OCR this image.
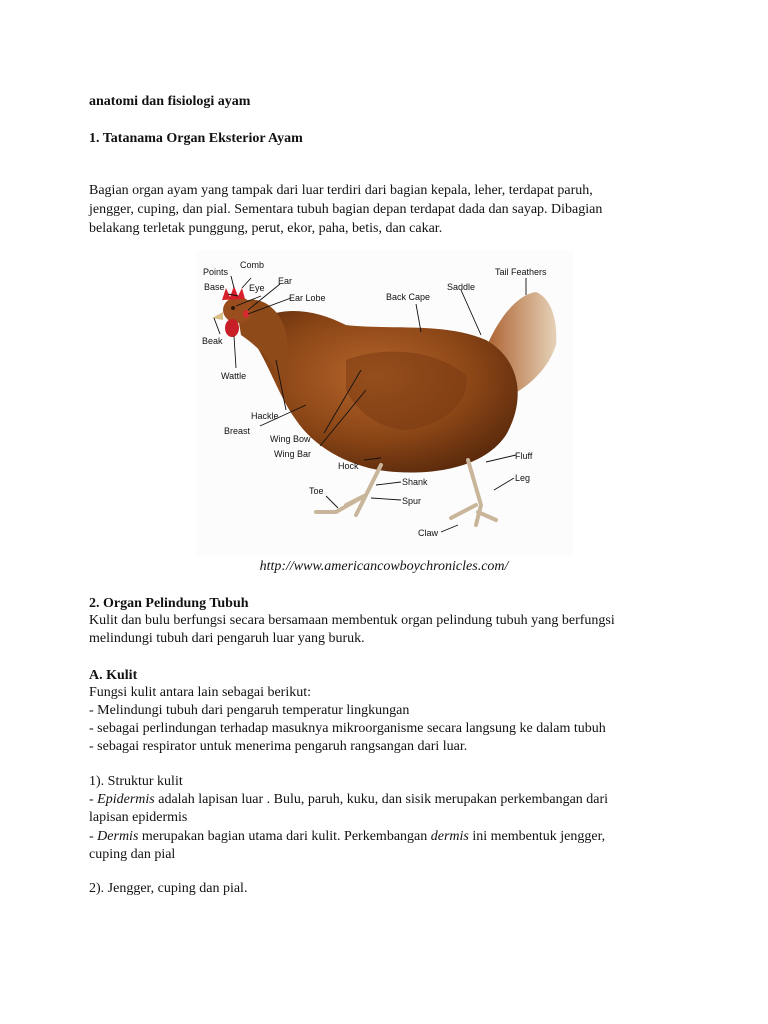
anatomi dan fisiologi ayam
1. Tatanama Organ Eksterior Ayam
Bagian organ ayam yang tampak dari luar terdiri dari bagian kepala, leher, terdapat paruh,
jengger, cuping, dan pial. Sementara tubuh bagian depan terdapat dada dan sayap. Dibagian
belakang terletak punggung, perut, ekor, paha, betis, dan cakar.
Comb
Points
Ear
Base	Eye
Ear Lobe	Back Cape
Saddle
Tail Feathers
Beak
Wattle
Hackle
Breast
Wing Bow
Wing Bar
Hock
Fluff
Leg
Shank
Toe
Spur
Claw
http://www.americancowboychronicles.com/
2. Organ Pelindung Tubuh
Kulit dan bulu berfungsi secara bersamaan membentuk organ pelindung tubuh yang berfungsi
melindungi tubuh dari pengaruh luar yang buruk.
A. Kulit
Fungsi kulit antara lain sebagai berikut:
- Melindungi tubuh dari pengaruh temperatur lingkungan
- sebagai perlindungan terhadap masuknya mikroorganisme secara langsung ke dalam tubuh
- sebagai respirator untuk menerima pengaruh rangsangan dari luar.
1). Struktur kulit
- Epidermis adalah lapisan luar . Bulu, paruh, kuku, dan sisik merupakan perkembangan dari
lapisan epidermis
- Dermis merupakan bagian utama dari kulit. Perkembangan dermis ini membentuk jengger,
cuping dan pial
2). Jengger, cuping dan pial.
